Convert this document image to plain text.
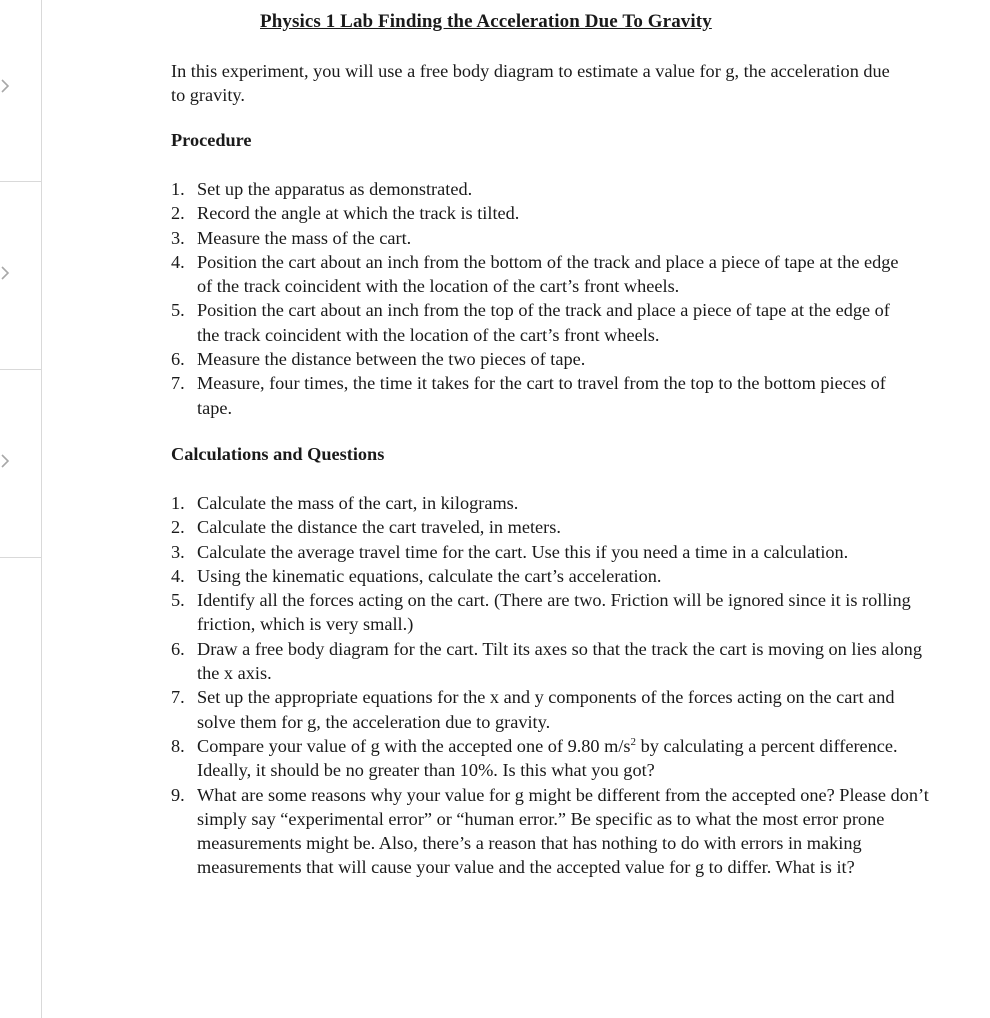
Physics 1 Lab Finding the Acceleration Due To Gravity
In this experiment, you will use a free body diagram to estimate a value for g, the acceleration due to gravity.
Procedure
1. Set up the apparatus as demonstrated.
2. Record the angle at which the track is tilted.
3. Measure the mass of the cart.
4. Position the cart about an inch from the bottom of the track and place a piece of tape at the edge of the track coincident with the location of the cart’s front wheels.
5. Position the cart about an inch from the top of the track and place a piece of tape at the edge of the track coincident with the location of the cart’s front wheels.
6. Measure the distance between the two pieces of tape.
7. Measure, four times, the time it takes for the cart to travel from the top to the bottom pieces of tape.
Calculations and Questions
1. Calculate the mass of the cart, in kilograms.
2. Calculate the distance the cart traveled, in meters.
3. Calculate the average travel time for the cart. Use this if you need a time in a calculation.
4. Using the kinematic equations, calculate the cart’s acceleration.
5. Identify all the forces acting on the cart. (There are two. Friction will be ignored since it is rolling friction, which is very small.)
6. Draw a free body diagram for the cart. Tilt its axes so that the track the cart is moving on lies along the x axis.
7. Set up the appropriate equations for the x and y components of the forces acting on the cart and solve them for g, the acceleration due to gravity.
8. Compare your value of g with the accepted one of 9.80 $m/s^2$ by calculating a percent difference. Ideally, it should be no greater than 10%. Is this what you got?
9. What are some reasons why your value for g might be different from the accepted one? Please don’t simply say “experimental error” or “human error.” Be specific as to what the most error prone measurements might be. Also, there’s a reason that has nothing to do with errors in making measurements that will cause your value and the accepted value for g to differ. What is it?
